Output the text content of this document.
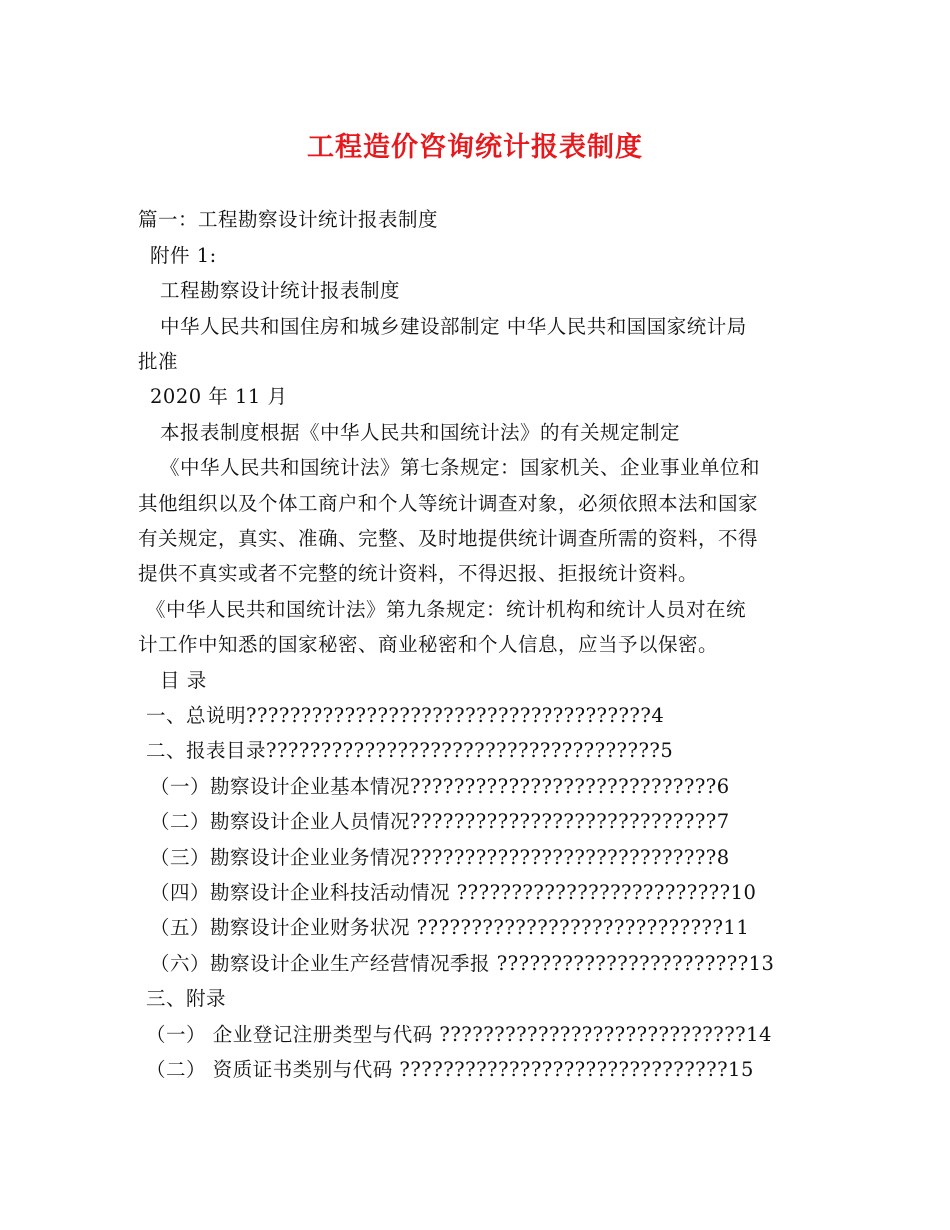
工程造价咨询统计报表制度
篇一：工程勘察设计统计报表制度
附件 1:
工程勘察设计统计报表制度
中华人民共和国住房和城乡建设部制定 中华人民共和国国家统计局
批准
2020 年 11 月
本报表制度根据《中华人民共和国统计法》的有关规定制定
《中华人民共和国统计法》第七条规定：国家机关、企业事业单位和
其他组织以及个体工商户和个人等统计调查对象，必须依照本法和国家
有关规定，真实、准确、完整、及时地提供统计调查所需的资料，不得
提供不真实或者不完整的统计资料，不得迟报、拒报统计资料。
《中华人民共和国统计法》第九条规定：统计机构和统计人员对在统
计工作中知悉的国家秘密、商业秘密和个人信息，应当予以保密。
目 录
一、总说明?????????????????????????????????????4
二、报表目录????????????????????????????????????5
（一）勘察设计企业基本情况????????????????????????????6
（二）勘察设计企业人员情况????????????????????????????7
（三）勘察设计企业业务情况????????????????????????????8
（四）勘察设计企业科技活动情况 ?????????????????????????10
（五）勘察设计企业财务状况 ????????????????????????????11
（六）勘察设计企业生产经营情况季报 ???????????????????????13
三、附录
（一） 企业登记注册类型与代码 ????????????????????????????14
（二） 资质证书类别与代码 ??????????????????????????????15
